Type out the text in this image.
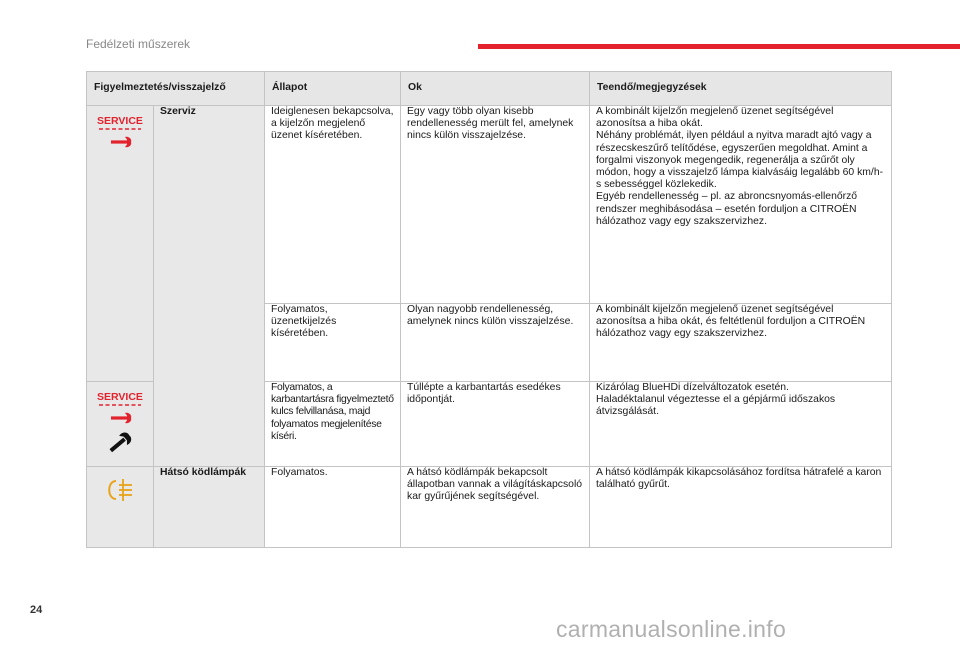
Fedélzeti műszerek
Figyelmeztetés/visszajelző		Állapot	Ok	Teendő/megjegyzések

SERVICE	Szerviz	Ideiglenesen bekapcsolva, a kijelzőn megjelenő üzenet kíséretében.	Egy vagy több olyan kisebb rendellenesség merült fel, amelynek nincs külön visszajelzése.	A kombinált kijelzőn megjelenő üzenet segítségével azonosítsa a hiba okát.
Néhány problémát, ilyen például a nyitva maradt ajtó vagy a részecskeszűrő telítődése, egyszerűen megoldhat. Amint a forgalmi viszonyok megengedik, regenerálja a szűrőt oly módon, hogy a visszajelző lámpa kialvásáig legalább 60 km/h-s sebességgel közlekedik.
Egyéb rendellenesség – pl. az abroncsnyomás-ellenőrző rendszer meghibásodása – esetén forduljon a CITROËN hálózathoz vagy egy szakszervizhez.
		Folyamatos, üzenetkijelzés kíséretében.	Olyan nagyobb rendellenesség, amelynek nincs külön visszajelzése.	A kombinált kijelzőn megjelenő üzenet segítségével azonosítsa a hiba okát, és feltétlenül forduljon a CITROËN hálózathoz vagy egy szakszervizhez.

SERVICE		Folyamatos, a karbantartásra figyelmeztető kulcs felvillanása, majd folyamatos megjelenítése kíséri.	Túllépte a karbantartás esedékes időpontját.	Kizárólag BlueHDi dízelváltozatok esetén.
Haladéktalanul végeztesse el a gépjármű időszakos átvizsgálását.

	Hátsó ködlámpák	Folyamatos.	A hátsó ködlámpák bekapcsolt állapotban vannak a világításkapcsoló kar gyűrűjének segítségével.	A hátsó ködlámpák kikapcsolásához fordítsa hátrafelé a karon található gyűrűt.
24
carmanualsonline.info
